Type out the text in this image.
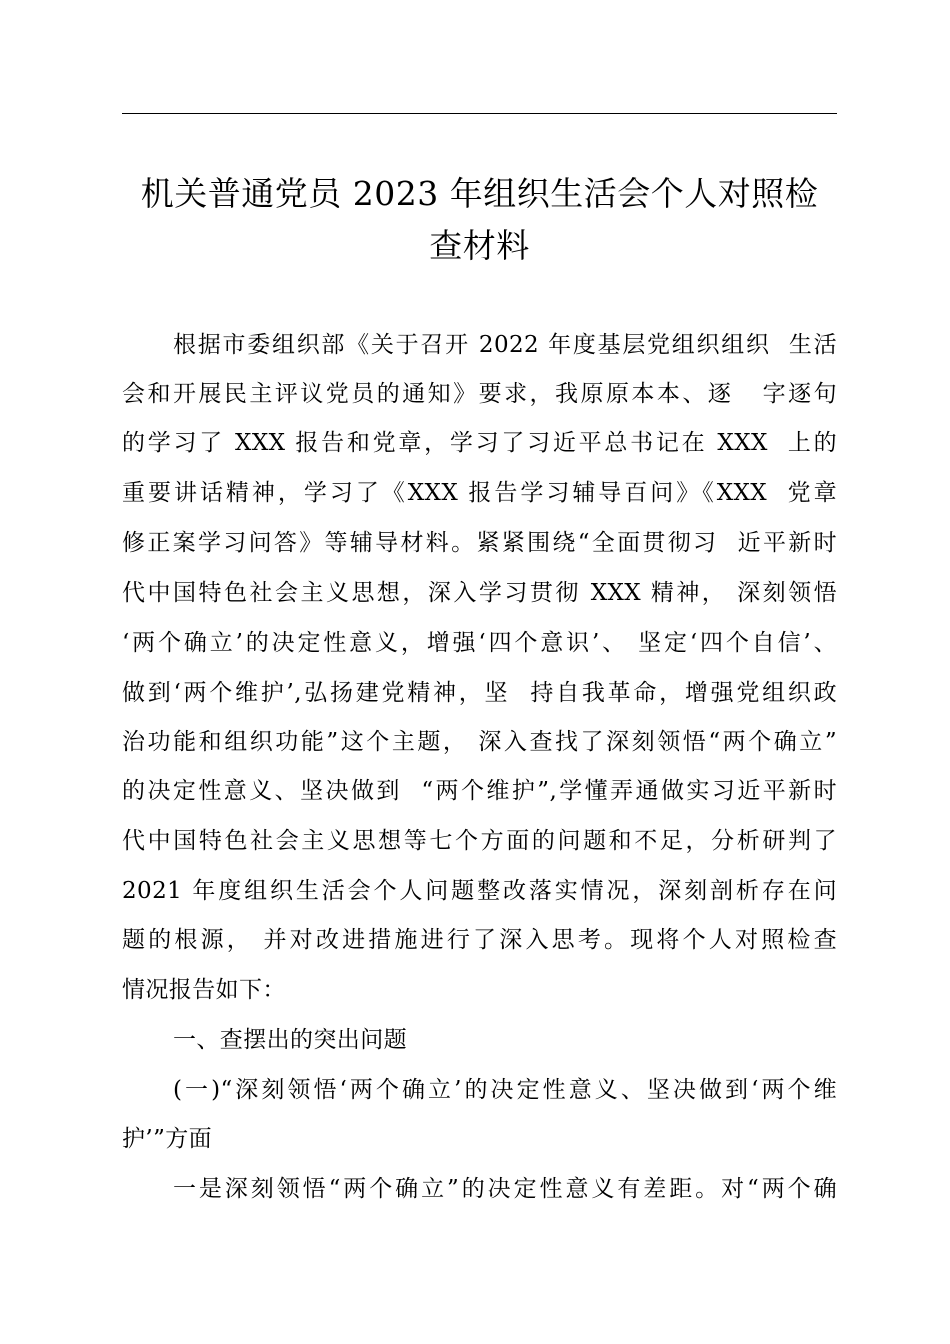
机关普通党员 2023 年组织生活会个人对照检
查材料

根据市委组织部《关于召开 2022 年度基层党组织组织  生活

会和开展民主评议党员的通知》要求，我原原本本、逐   字逐句

的学习了 XXX 报告和党章，学习了习近平总书记在 XXX  上的

重要讲话精神，学习了《XXX 报告学习辅导百问》《XXX  党章

修正案学习问答》等辅导材料。紧紧围绕“全面贯彻习  近平新时

代中国特色社会主义思想，深入学习贯彻 XXX 精神， 深刻领悟

‘两个确立’的决定性意义，增强‘四个意识’、 坚定‘四个自信’、

做到‘两个维护’,弘扬建党精神，坚  持自我革命，增强党组织政

治功能和组织功能”这个主题， 深入查找了深刻领悟“两个确立”

的决定性意义、坚决做到  “两个维护”,学懂弄通做实习近平新时

代中国特色社会主义思想等七个方面的问题和不足，分析研判了

2021 年度组织生活会个人问题整改落实情况，深刻剖析存在问

题的根源， 并对改进措施进行了深入思考。现将个人对照检查

情况报告如下：

一、查摆出的突出问题

(一)“深刻领悟‘两个确立’的决定性意义、坚决做到‘两个维

护’”方面

一是深刻领悟“两个确立”的决定性意义有差距。对“两个确
